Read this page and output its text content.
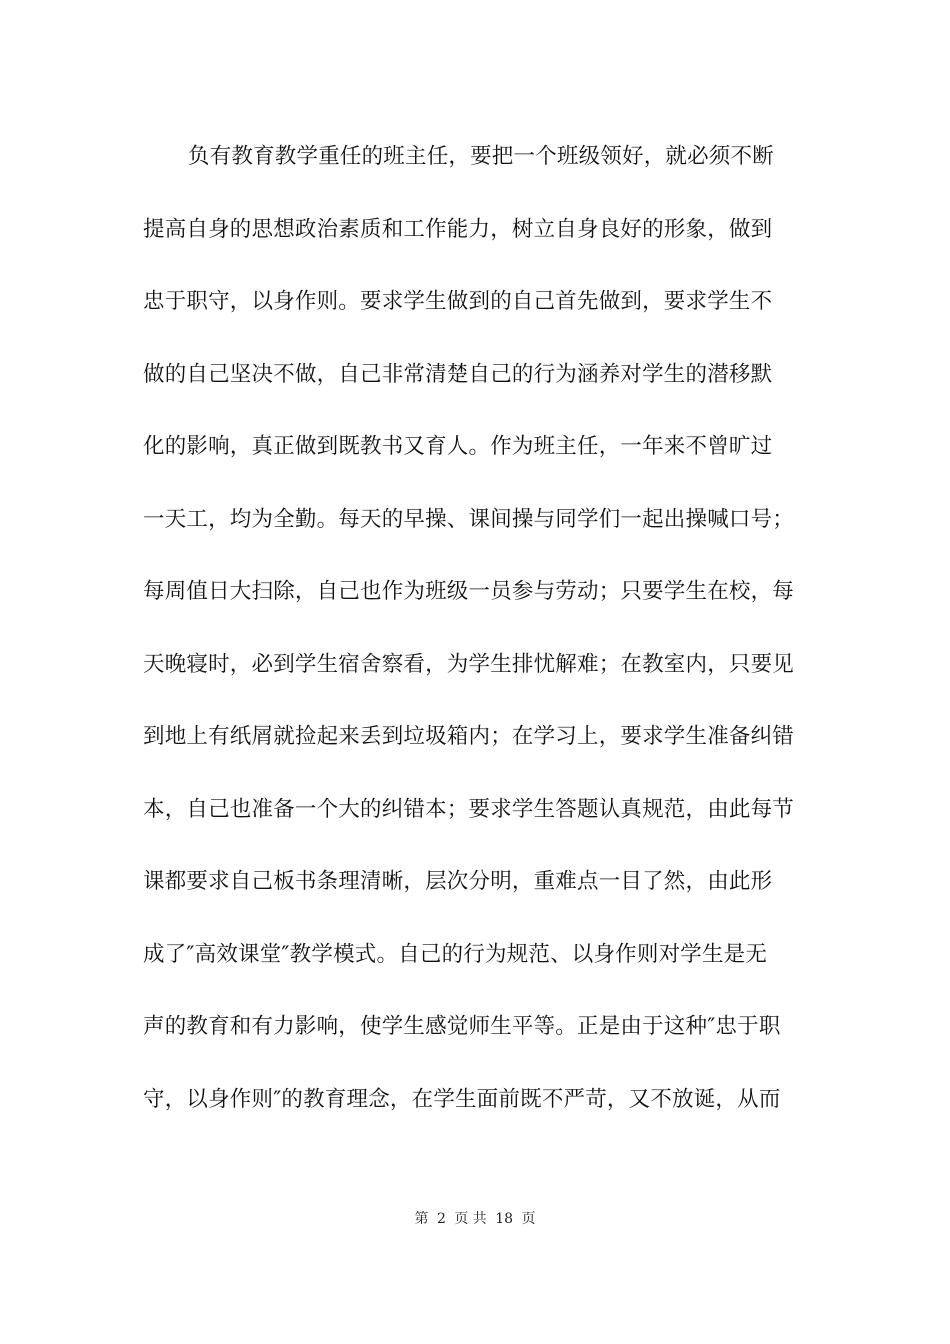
负有教育教学重任的班主任，要把一个班级领好，就必须不断
提高自身的思想政治素质和工作能力，树立自身良好的形象，做到
忠于职守，以身作则。要求学生做到的自己首先做到，要求学生不
做的自己坚决不做，自己非常清楚自己的行为涵养对学生的潜移默
化的影响，真正做到既教书又育人。作为班主任，一年来不曾旷过
一天工，均为全勤。每天的早操、课间操与同学们一起出操喊口号；
每周值日大扫除，自己也作为班级一员参与劳动；只要学生在校，每
天晚寝时，必到学生宿舍察看，为学生排忧解难；在教室内，只要见
到地上有纸屑就捡起来丢到垃圾箱内；在学习上，要求学生准备纠错
本，自己也准备一个大的纠错本；要求学生答题认真规范，由此每节
课都要求自己板书条理清晰，层次分明，重难点一目了然，由此形
成了″高效课堂″教学模式。自己的行为规范、以身作则对学生是无
声的教育和有力影响，使学生感觉师生平等。正是由于这种″忠于职
守，以身作则″的教育理念，在学生面前既不严苛，又不放诞，从而
第 2 页 共 18 页
